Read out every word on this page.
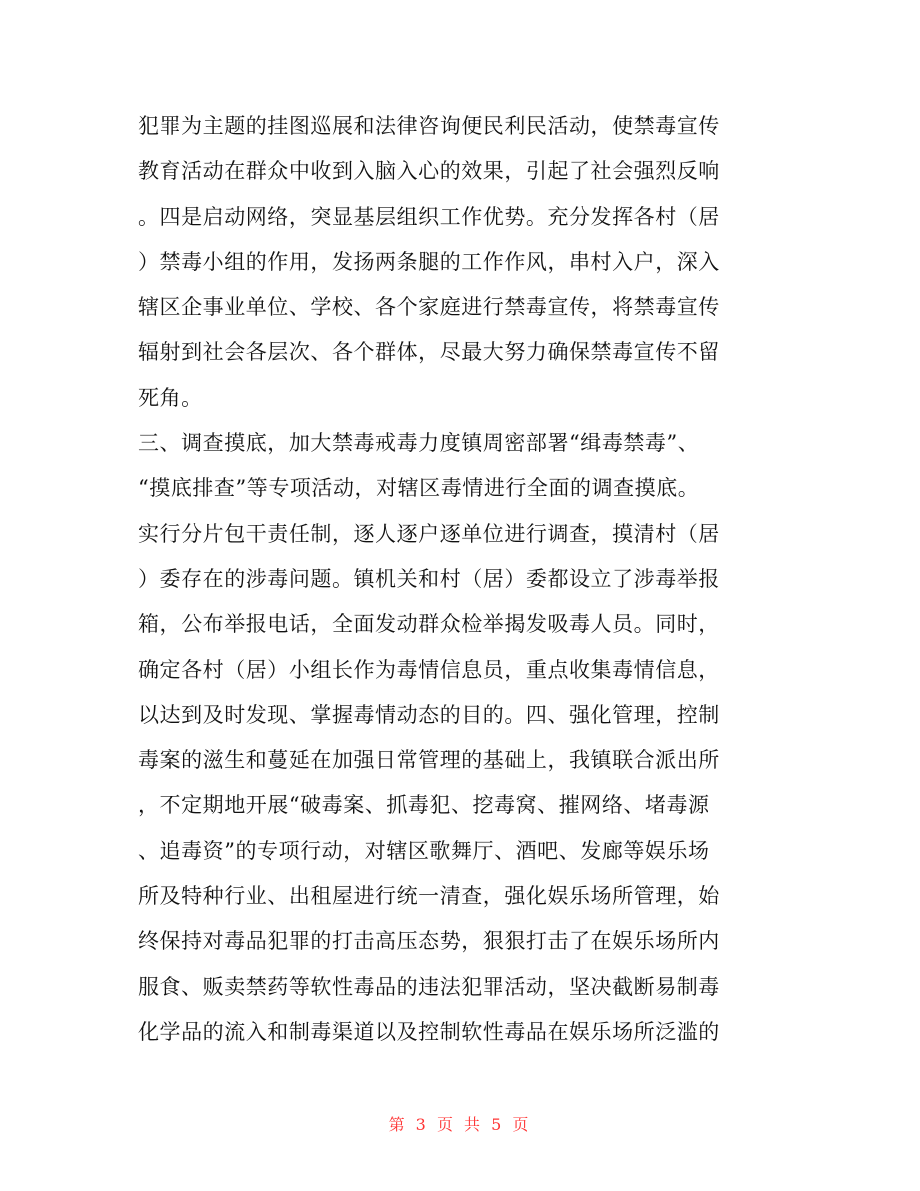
犯罪为主题的挂图巡展和法律咨询便民利民活动，使禁毒宣传
教育活动在群众中收到入脑入心的效果，引起了社会强烈反响
。四是启动网络，突显基层组织工作优势。充分发挥各村（居
）禁毒小组的作用，发扬两条腿的工作作风，串村入户，深入
辖区企事业单位、学校、各个家庭进行禁毒宣传，将禁毒宣传
辐射到社会各层次、各个群体，尽最大努力确保禁毒宣传不留
死角。
三、调查摸底，加大禁毒戒毒力度镇周密部署“缉毒禁毒”、
“摸底排查”等专项活动，对辖区毒情进行全面的调查摸底。
实行分片包干责任制，逐人逐户逐单位进行调查，摸清村（居
）委存在的涉毒问题。镇机关和村（居）委都设立了涉毒举报
箱，公布举报电话，全面发动群众检举揭发吸毒人员。同时，
确定各村（居）小组长作为毒情信息员，重点收集毒情信息，
以达到及时发现、掌握毒情动态的目的。四、强化管理，控制
毒案的滋生和蔓延在加强日常管理的基础上，我镇联合派出所
，不定期地开展“破毒案、抓毒犯、挖毒窝、摧网络、堵毒源
、追毒资”的专项行动，对辖区歌舞厅、酒吧、发廊等娱乐场
所及特种行业、出租屋进行统一清查，强化娱乐场所管理，始
终保持对毒品犯罪的打击高压态势，狠狠打击了在娱乐场所内
服食、贩卖禁药等软性毒品的违法犯罪活动，坚决截断易制毒
化学品的流入和制毒渠道以及控制软性毒品在娱乐场所泛滥的
第 3 页 共 5 页
